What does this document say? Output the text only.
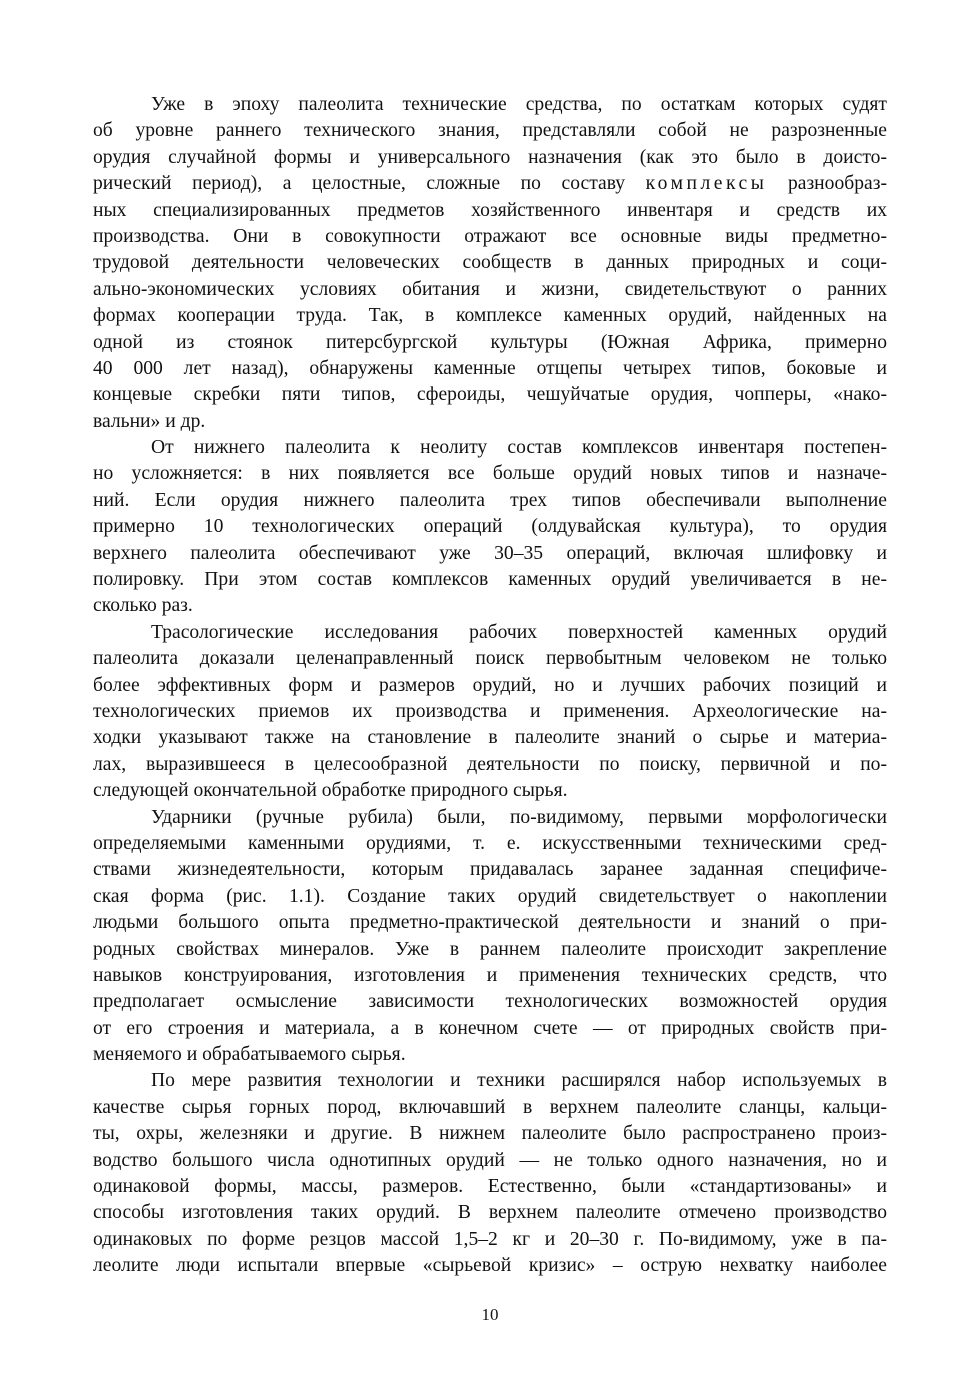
Уже в эпоху палеолита технические средства, по остаткам которых судят
об уровне раннего технического знания, представляли собой не разрозненные
орудия случайной формы и универсального назначения (как это было в доисто-
рический период), а целостные, сложные по составу комплексы разнообраз-
ных специализированных предметов хозяйственного инвентаря и средств их
производства. Они в совокупности отражают все основные виды предметно-
трудовой деятельности человеческих сообществ в данных природных и соци-
ально-экономических условиях обитания и жизни, свидетельствуют о ранних
формах кооперации труда. Так, в комплексе каменных орудий, найденных на
одной из стоянок питерсбургской культуры (Южная Африка, примерно
40 000 лет назад), обнаружены каменные отщепы четырех типов, боковые и
концевые скребки пяти типов, сфероиды, чешуйчатые орудия, чопперы, «нако-
вальни» и др.
От нижнего палеолита к неолиту состав комплексов инвентаря постепен-
но усложняется: в них появляется все больше орудий новых типов и назначе-
ний. Если орудия нижнего палеолита трех типов обеспечивали выполнение
примерно 10 технологических операций (олдувайская культура), то орудия
верхнего палеолита обеспечивают уже 30–35 операций, включая шлифовку и
полировку. При этом состав комплексов каменных орудий увеличивается в не-
сколько раз.
Трасологические исследования рабочих поверхностей каменных орудий
палеолита доказали целенаправленный поиск первобытным человеком не только
более эффективных форм и размеров орудий, но и лучших рабочих позиций и
технологических приемов их производства и применения. Археологические на-
ходки указывают также на становление в палеолите знаний о сырье и материа-
лах, выразившееся в целесообразной деятельности по поиску, первичной и по-
следующей окончательной обработке природного сырья.
Ударники (ручные рубила) были, по-видимому, первыми морфологически
определяемыми каменными орудиями, т. е. искусственными техническими сред-
ствами жизнедеятельности, которым придавалась заранее заданная специфиче-
ская форма (рис. 1.1). Создание таких орудий свидетельствует о накоплении
людьми большого опыта предметно-практической деятельности и знаний о при-
родных свойствах минералов. Уже в раннем палеолите происходит закрепление
навыков конструирования, изготовления и применения технических средств, что
предполагает осмысление зависимости технологических возможностей орудия
от его строения и материала, а в конечном счете — от природных свойств при-
меняемого и обрабатываемого сырья.
По мере развития технологии и техники расширялся набор используемых в
качестве сырья горных пород, включавший в верхнем палеолите сланцы, кальци-
ты, охры, железняки и другие. В нижнем палеолите было распространено произ-
водство большого числа однотипных орудий — не только одного назначения, но и
одинаковой формы, массы, размеров. Естественно, были «стандартизованы» и
способы изготовления таких орудий. В верхнем палеолите отмечено производство
одинаковых по форме резцов массой 1,5–2 кг и 20–30 г. По-видимому, уже в па-
леолите люди испытали впервые «сырьевой кризис» – острую нехватку наиболее
10
